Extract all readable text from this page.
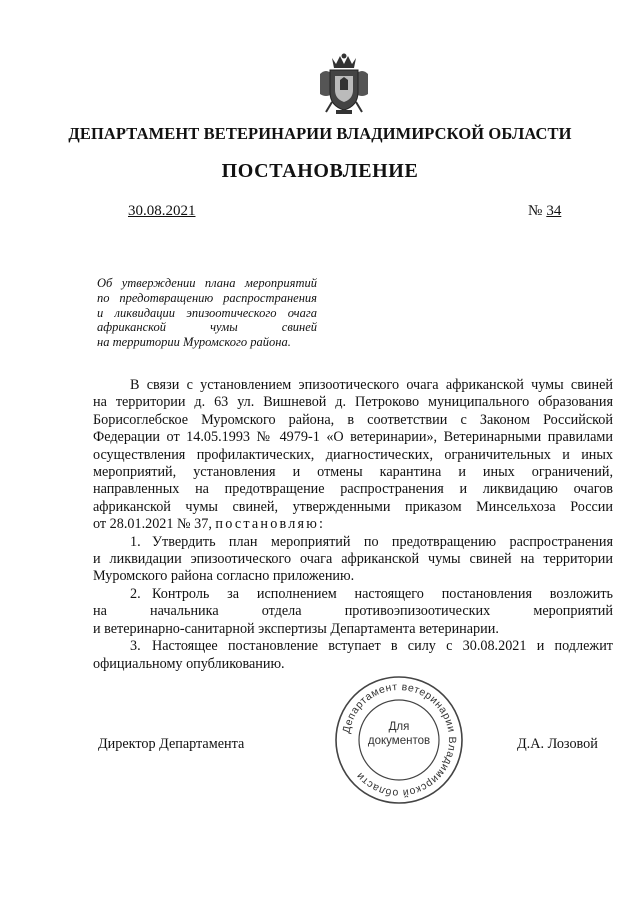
ДЕПАРТАМЕНТ ВЕТЕРИНАРИИ ВЛАДИМИРСКОЙ ОБЛАСТИ
ПОСТАНОВЛЕНИЕ
30.08.2021	№ 34
Об утверждении плана мероприятий
по предотвращению распространения
и ликвидации эпизоотического очага
африканской чумы свиней
на территории Муромского района.
В связи с установлением эпизоотического очага африканской чумы свиней
на территории д. 63 ул. Вишневой д. Петроково муниципального образования
Борисоглебское Муромского района, в соответствии с Законом Российской
Федерации от 14.05.1993 № 4979-1 «О ветеринарии», Ветеринарными правилами
осуществления профилактических, диагностических, ограничительных и иных
мероприятий, установления и отмены карантина и иных ограничений,
направленных на предотвращение распространения и ликвидацию очагов
африканской чумы свиней, утвержденными приказом Минсельхоза России
от 28.01.2021 № 37, постановляю:
1. Утвердить план мероприятий по предотвращению распространения
и ликвидации эпизоотического очага африканской чумы свиней на территории
Муромского района согласно приложению.
2. Контроль за исполнением настоящего постановления возложить
на начальника отдела противоэпизоотических мероприятий
и ветеринарно-санитарной экспертизы Департамента ветеринарии.
3. Настоящее постановление вступает в силу с 30.08.2021 и подлежит
официальному опубликованию.
Директор Департамента	Д.А. Лозовой
Департамент ветеринарии Владимирской области
Для
документов
